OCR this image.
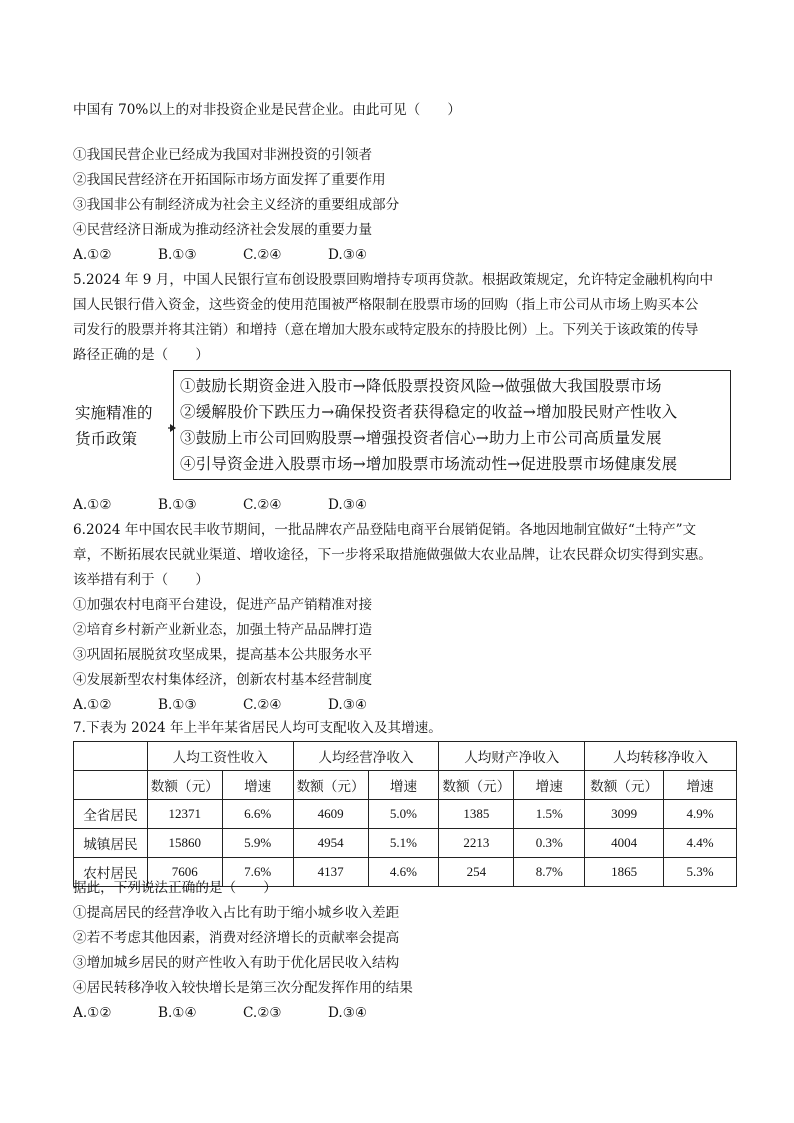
中国有 70%以上的对非投资企业是民营企业。由此可见（　　）
①我国民营企业已经成为我国对非洲投资的引领者
②我国民营经济在开拓国际市场方面发挥了重要作用
③我国非公有制经济成为社会主义经济的重要组成部分
④民营经济日渐成为推动经济社会发展的重要力量
A.①②	B.①③	C.②④	D.③④
5.2024 年 9 月，中国人民银行宣布创设股票回购增持专项再贷款。根据政策规定，允许特定金融机构向中
国人民银行借入资金，这些资金的使用范围被严格限制在股票市场的回购（指上市公司从市场上购买本公
司发行的股票并将其注销）和增持（意在增加大股东或特定股东的持股比例）上。下列关于该政策的传导
路径正确的是（　　）
实施精准的
货币政策
①鼓励长期资金进入股市→降低股票投资风险→做强做大我国股票市场
②缓解股价下跌压力→确保投资者获得稳定的收益→增加股民财产性收入
③鼓励上市公司回购股票→增强投资者信心→助力上市公司高质量发展
④引导资金进入股票市场→增加股票市场流动性→促进股票市场健康发展
A.①②	B.①③	C.②④	D.③④
6.2024 年中国农民丰收节期间，一批品牌农产品登陆电商平台展销促销。各地因地制宜做好“土特产”文
章，不断拓展农民就业渠道、增收途径，下一步将采取措施做强做大农业品牌，让农民群众切实得到实惠。
该举措有利于（　　）
①加强农村电商平台建设，促进产品产销精准对接
②培育乡村新产业新业态，加强土特产品品牌打造
③巩固拓展脱贫攻坚成果，提高基本公共服务水平
④发展新型农村集体经济，创新农村基本经营制度
A.①②	B.①③	C.②④	D.③④
7.下表为 2024 年上半年某省居民人均可支配收入及其增速。
	人均工资性收入		人均经营净收入		人均财产净收入		人均转移净收入	
	数额（元）	增速	数额（元）	增速	数额（元）	增速	数额（元）	增速
全省居民	12371	6.6%	4609	5.0%	1385	1.5%	3099	4.9%
城镇居民	15860	5.9%	4954	5.1%	2213	0.3%	4004	4.4%
农村居民	7606	7.6%	4137	4.6%	254	8.7%	1865	5.3%
据此，下列说法正确的是（　　）
①提高居民的经营净收入占比有助于缩小城乡收入差距
②若不考虑其他因素，消费对经济增长的贡献率会提高
③增加城乡居民的财产性收入有助于优化居民收入结构
④居民转移净收入较快增长是第三次分配发挥作用的结果
A.①②	B.①④	C.②③	D.③④
